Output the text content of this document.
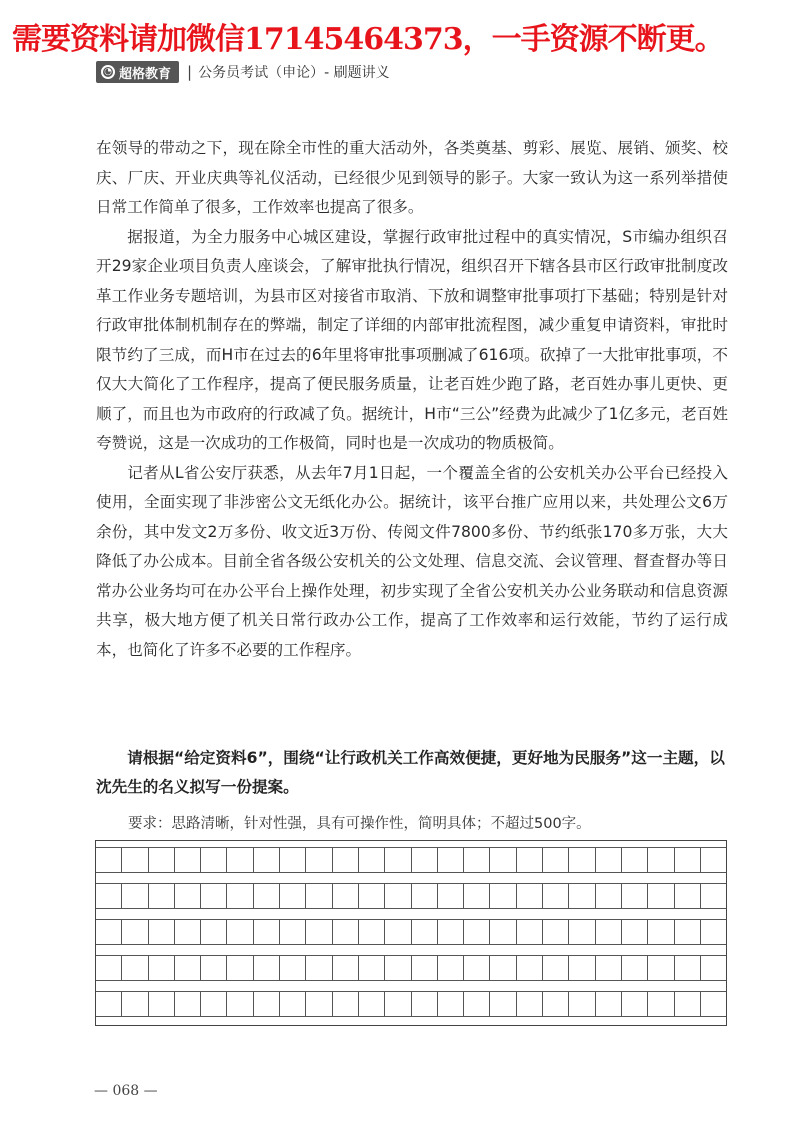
需要资料请加微信17145464373，一手资源不断更。
◔ 超格教育 | 公务员考试（申论）- 刷题讲义

在领导的带动之下，现在除全市性的重大活动外，各类奠基、剪彩、展览、展销、颁奖、校庆、厂庆、开业庆典等礼仪活动，已经很少见到领导的影子。大家一致认为这一系列举措使日常工作简单了很多，工作效率也提高了很多。

据报道，为全力服务中心城区建设，掌握行政审批过程中的真实情况，S市编办组织召开29家企业项目负责人座谈会，了解审批执行情况，组织召开下辖各县市区行政审批制度改革工作业务专题培训，为县市区对接省市取消、下放和调整审批事项打下基础；特别是针对行政审批体制机制存在的弊端，制定了详细的内部审批流程图，减少重复申请资料，审批时限节约了三成，而H市在过去的6年里将审批事项删减了616项。砍掉了一大批审批事项，不仅大大简化了工作程序，提高了便民服务质量，让老百姓少跑了路，老百姓办事儿更快、更顺了，而且也为市政府的行政减了负。据统计，H市“三公”经费为此减少了1亿多元，老百姓夸赞说，这是一次成功的工作极简，同时也是一次成功的物质极简。

记者从L省公安厅获悉，从去年7月1日起，一个覆盖全省的公安机关办公平台已经投入使用，全面实现了非涉密公文无纸化办公。据统计，该平台推广应用以来，共处理公文6万余份，其中发文2万多份、收文近3万份、传阅文件7800多份、节约纸张170多万张，大大降低了办公成本。目前全省各级公安机关的公文处理、信息交流、会议管理、督查督办等日常办公业务均可在办公平台上操作处理，初步实现了全省公安机关办公业务联动和信息资源共享，极大地方便了机关日常行政办公工作，提高了工作效率和运行效能，节约了运行成本，也简化了许多不必要的工作程序。

请根据“给定资料6”，围绕“让行政机关工作高效便捷，更好地为民服务”这一主题，以沈先生的名义拟写一份提案。
要求：思路清晰，针对性强，具有可操作性，简明具体；不超过500字。
— 068 —
